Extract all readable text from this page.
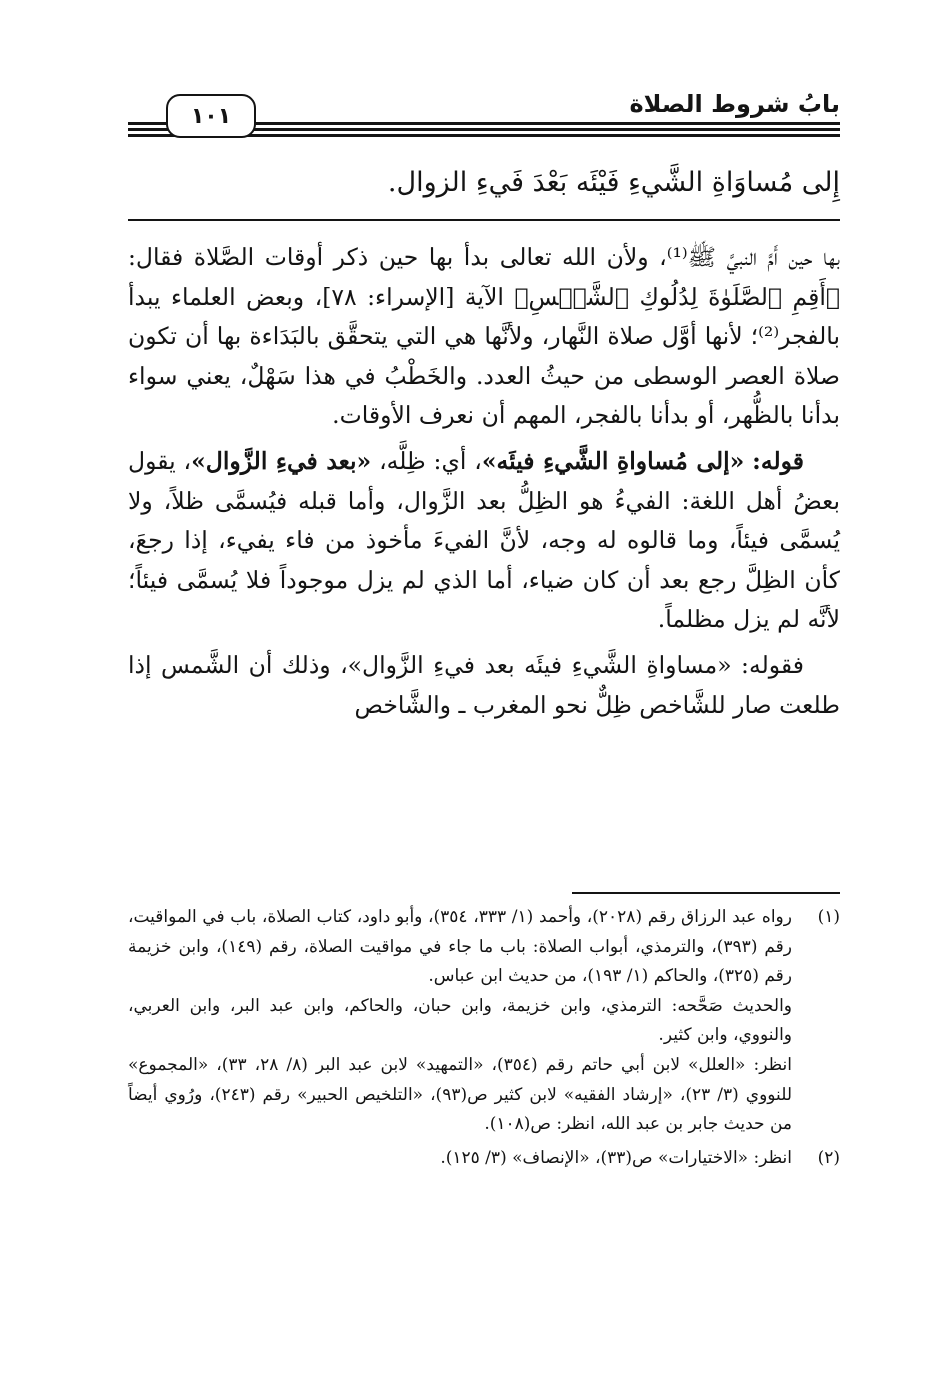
بابُ شروط الصلاة
١٠١
إِلى مُساوَاةِ الشَّيءِ فَيْئَه بَعْدَ فَيءِ الزوال.

بها حين أَمَّ النبيَّ ﷺ⁽¹⁾، ولأن الله تعالى بدأ بها حين ذكر أوقات الصَّلاة فقال: ﴿أَقِمِ ٱلصَّلَوٰةَ لِدُلُوكِ ٱلشَّمۡسِ﴾ الآية [الإسراء: ٧٨]، وبعض العلماء يبدأ بالفجر⁽²⁾؛ لأنها أوَّل صلاة النَّهار، ولأنَّها هي التي يتحقَّق بالبَدَاءة بها أن تكون صلاة العصر الوسطى من حيثُ العدد. والخَطْبُ في هذا سَهْلٌ، يعني سواء بدأنا بالظُّهر، أو بدأنا بالفجر، المهم أن نعرف الأوقات.

قوله: «إلى مُساواةِ الشَّيءِ فيئَه»، أي: ظِلَّه، «بعد فيءِ الزَّوال»، يقول بعضُ أهل اللغة: الفيءُ هو الظِلُّ بعد الزَّوال، وأما قبله فيُسمَّى ظلاً، ولا يُسمَّى فيئاً، وما قالوه له وجه، لأنَّ الفيءَ مأخوذ من فاء يفيء، إذا رجعَ، كأن الظِلَّ رجع بعد أن كان ضياء، أما الذي لم يزل موجوداً فلا يُسمَّى فيئاً؛ لأنَّه لم يزل مظلماً.

فقوله: «مساواةِ الشَّيءِ فيئَه بعد فيءِ الزَّوال»، وذلك أن الشَّمس إذا طلعت صار للشَّاخص ظِلٌّ نحو المغرب ـ والشَّاخص

(١)

رواه عبد الرزاق رقم (٢٠٢٨)، وأحمد (١/ ٣٣٣، ٣٥٤)، وأبو داود، كتاب الصلاة، باب في المواقيت، رقم (٣٩٣)، والترمذي، أبواب الصلاة: باب ما جاء في مواقيت الصلاة، رقم (١٤٩)، وابن خزيمة رقم (٣٢٥)، والحاكم (١/ ١٩٣)، من حديث ابن عباس.

والحديث صَحَّحه: الترمذي، وابن خزيمة، وابن حبان، والحاكم، وابن عبد البر، وابن العربي، والنووي، وابن كثير.

انظر: «العلل» لابن أبي حاتم رقم (٣٥٤)، «التمهيد» لابن عبد البر (٨/ ٢٨، ٣٣)، «المجموع» للنووي (٣/ ٢٣)، «إرشاد الفقيه» لابن كثير ص(٩٣)، «التلخيص الحبير» رقم (٢٤٣)، ورُوي أيضاً من حديث جابر بن عبد الله، انظر: ص(١٠٨).

(٢)

انظر: «الاختيارات» ص(٣٣)، «الإنصاف» (٣/ ١٢٥).
